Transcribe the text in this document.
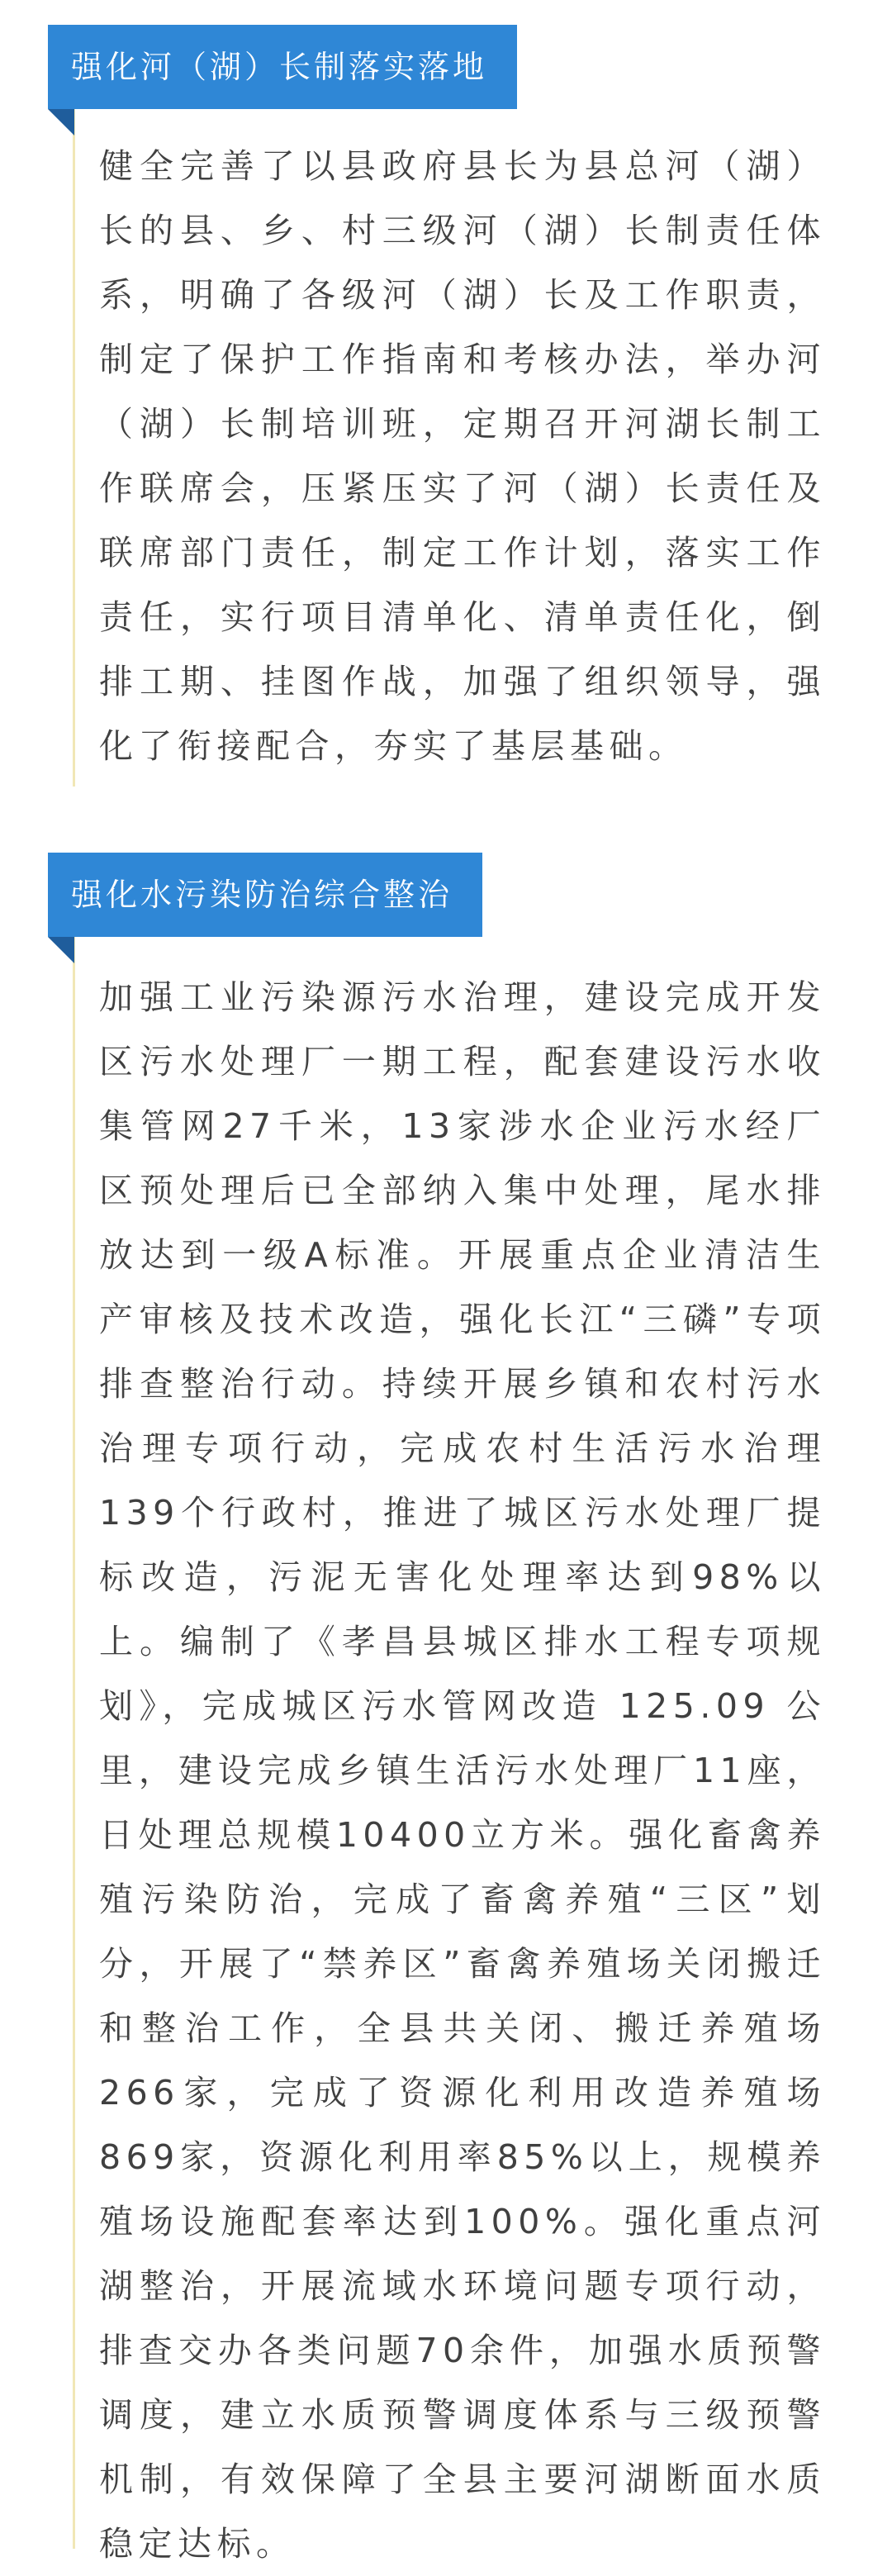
强化河（湖）长制落实落地

健全完善了以县政府县长为县总河（湖）长的县、乡、村三级河（湖）长制责任体系，明确了各级河（湖）长及工作职责，制定了保护工作指南和考核办法，举办河（湖）长制培训班，定期召开河湖长制工作联席会，压紧压实了河（湖）长责任及联席部门责任，制定工作计划，落实工作责任，实行项目清单化、清单责任化，倒排工期、挂图作战，加强了组织领导，强化了衔接配合，夯实了基层基础。

强化水污染防治综合整治

加强工业污染源污水治理，建设完成开发区污水处理厂一期工程，配套建设污水收集管网27千米，13家涉水企业污水经厂区预处理后已全部纳入集中处理，尾水排放达到一级A标准。开展重点企业清洁生产审核及技术改造，强化长江“三磷”专项排查整治行动。持续开展乡镇和农村污水治理专项行动，完成农村生活污水治理139个行政村，推进了城区污水处理厂提标改造，污泥无害化处理率达到98%以上。编制了《孝昌县城区排水工程专项规划》，完成城区污水管网改造 125.09 公里，建设完成乡镇生活污水处理厂11座，日处理总规模10400立方米。强化畜禽养殖污染防治，完成了畜禽养殖“三区”划分，开展了“禁养区”畜禽养殖场关闭搬迁和整治工作，全县共关闭、搬迁养殖场266家，完成了资源化利用改造养殖场869家，资源化利用率85%以上，规模养殖场设施配套率达到100%。强化重点河湖整治，开展流域水环境问题专项行动，排查交办各类问题70余件，加强水质预警调度，建立水质预警调度体系与三级预警机制，有效保障了全县主要河湖断面水质稳定达标。
